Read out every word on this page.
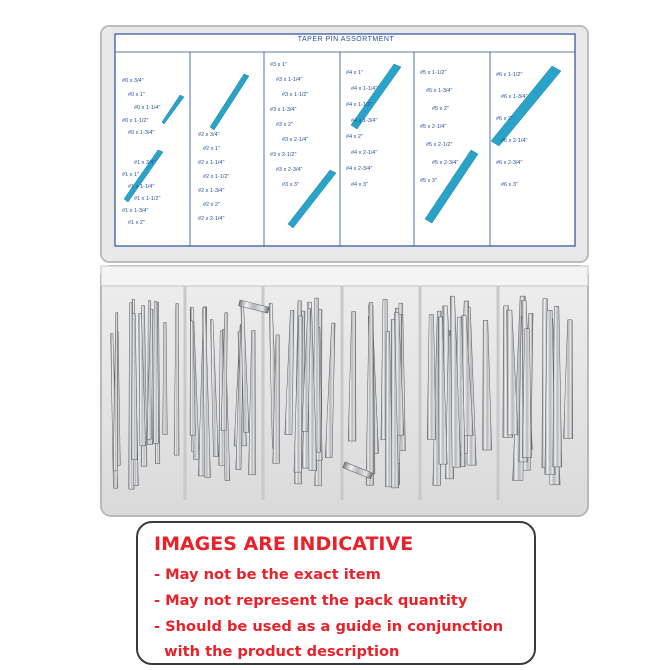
TAPER PIN ASSORTMENT
#0 x 3/4"
#0 x 1"
#0 x 1-1/4"
#0 x 1-1/2"
#0 x 1-3/4"
#1 x 3/4"
#1 x 1"
#1 x 1-1/4"
#1 x 1-1/2"
#1 x 1-3/4"
#1 x 2"
#2 x 3/4"
#2 x 1"
#2 x 1-1/4"
#2 x 1-1/2"
#2 x 1-3/4"
#2 x 2"
#2 x 2-1/4"
#3 x 1"
#3 x 1-1/4"
#3 x 1-1/2"
#3 x 1-3/4"
#3 x 2"
#3 x 2-1/4"
#3 x 2-1/2"
#3 x 2-3/4"
#3 x 3"
#4 x 1"
#4 x 1-1/4"
#4 x 1-1/2"
#4 x 1-3/4"
#4 x 2"
#4 x 2-1/4"
#4 x 2-3/4"
#4 x 3"
#5 x 1-1/2"
#5 x 1-3/4"
#5 x 2"
#5 x 2-1/4"
#5 x 2-1/2"
#5 x 2-3/4"
#5 x 3"
#6 x 1-1/2"
#6 x 1-3/4"
#6 x 2"
#6 x 2-1/4"
#6 x 2-3/4"
#6 x 3"
IMAGES ARE INDICATIVE
- May not be the exact item
- May not represent the pack quantity
- Should be used as a guide in conjunction
with the product description
